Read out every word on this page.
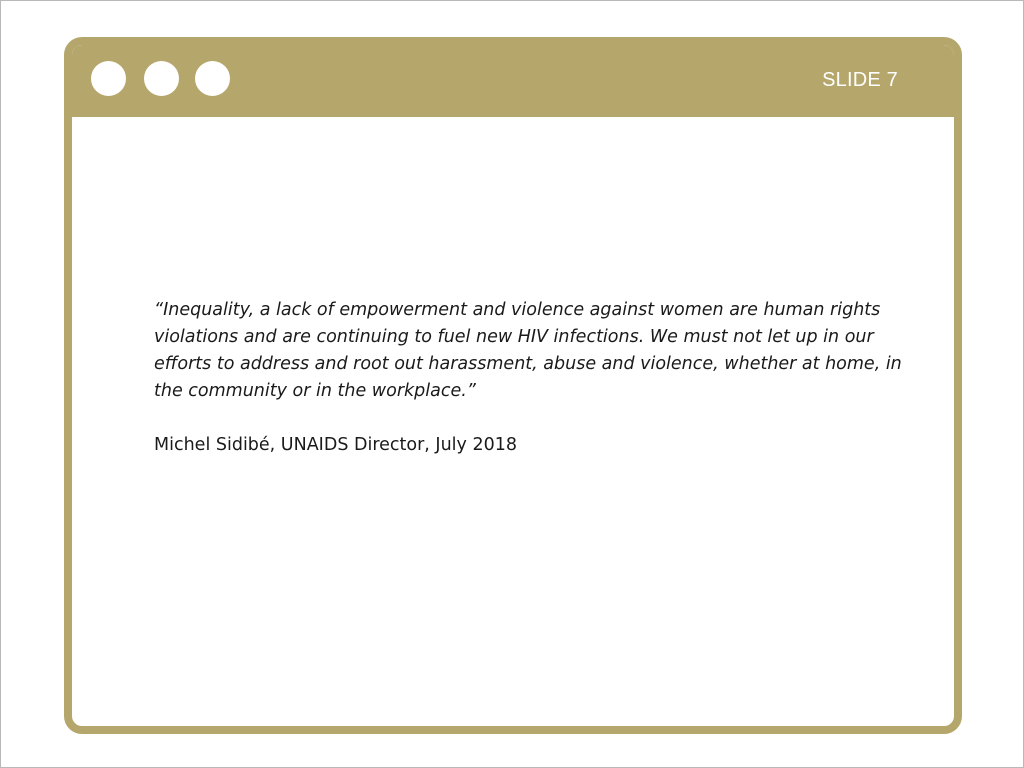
SLIDE 7

“Inequality, a lack of empowerment and violence against women are human rights violations and are continuing to fuel new HIV infections. We must not let up in our efforts to address and root out harassment, abuse and violence, whether at home, in the community or in the workplace.”

Michel Sidibé, UNAIDS Director, July 2018
